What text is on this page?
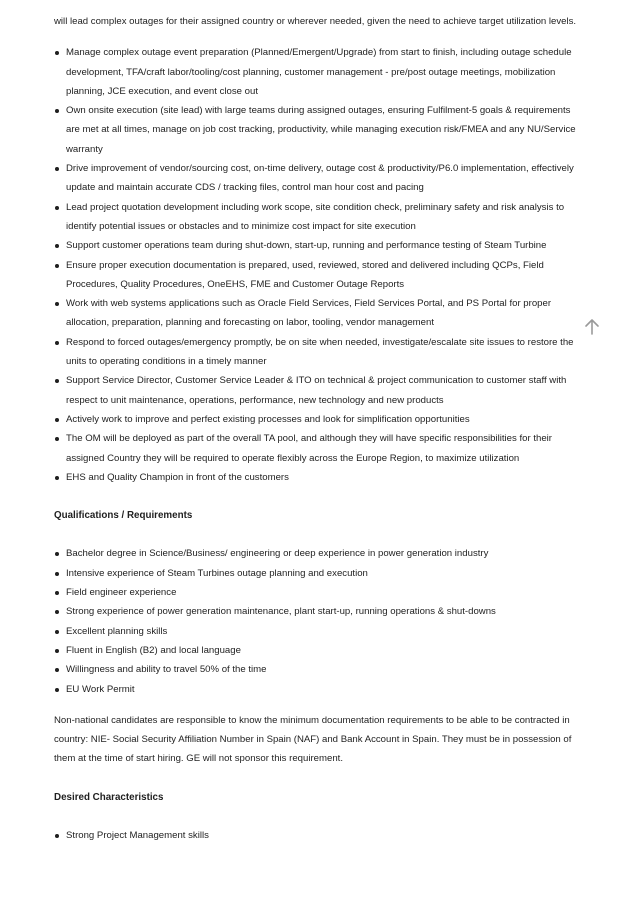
will lead complex outages for their assigned country or wherever needed, given the need to achieve target utilization levels.

Manage complex outage event preparation (Planned/Emergent/Upgrade) from start to finish, including outage schedule development, TFA/craft labor/tooling/cost planning, customer management - pre/post outage meetings, mobilization planning, JCE execution, and event close out
Own onsite execution (site lead) with large teams during assigned outages, ensuring Fulfilment-5 goals & requirements are met at all times, manage on job cost tracking, productivity, while managing execution risk/FMEA and any NU/Service warranty
Drive improvement of vendor/sourcing cost, on-time delivery, outage cost & productivity/P6.0 implementation, effectively update and maintain accurate CDS / tracking files, control man hour cost and pacing
Lead project quotation development including work scope, site condition check, preliminary safety and risk analysis to identify potential issues or obstacles and to minimize cost impact for site execution
Support customer operations team during shut-down, start-up, running and performance testing of Steam Turbine
Ensure proper execution documentation is prepared, used, reviewed, stored and delivered including QCPs, Field Procedures, Quality Procedures, OneEHS, FME and Customer Outage Reports
Work with web systems applications such as Oracle Field Services, Field Services Portal, and PS Portal for proper allocation, preparation, planning and forecasting on labor, tooling, vendor management
Respond to forced outages/emergency promptly, be on site when needed, investigate/escalate site issues to restore the units to operating conditions in a timely manner
Support Service Director, Customer Service Leader & ITO on technical & project communication to customer staff with respect to unit maintenance, operations, performance, new technology and new products
Actively work to improve and perfect existing processes and look for simplification opportunities
The OM will be deployed as part of the overall TA pool, and although they will have specific responsibilities for their assigned Country they will be required to operate flexibly across the Europe Region, to maximize utilization
EHS and Quality Champion in front of the customers
Qualifications / Requirements
Bachelor degree in Science/Business/ engineering or deep experience in power generation industry
Intensive experience of Steam Turbines outage planning and execution
Field engineer experience
Strong experience of power generation maintenance, plant start-up, running operations & shut-downs
Excellent planning skills
Fluent in English (B2) and local language
Willingness and ability to travel 50% of the time
EU Work Permit

Non-national candidates are responsible to know the minimum documentation requirements to be able to be contracted in country: NIE- Social Security Affiliation Number in Spain (NAF) and Bank Account in Spain. They must be in possession of them at the time of start hiring. GE will not sponsor this requirement.

Desired Characteristics
Strong Project Management skills
